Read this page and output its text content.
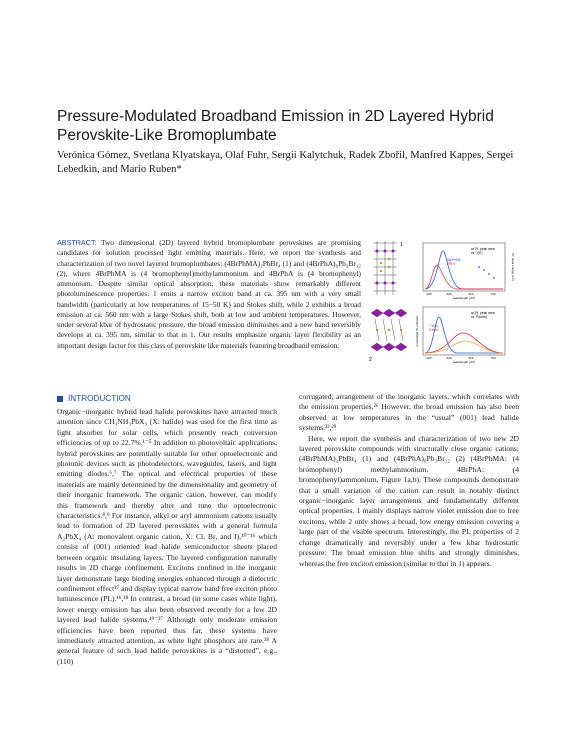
Pressure-Modulated Broadband Emission in 2D Layered Hybrid Perovskite-Like Bromoplumbate

Verónica Gómez, Svetlana Klyatskaya, Olaf Fuhr, Sergii Kalytchuk, Radek Zbořil, Manfred Kappes, Sergei Lebedkin, and Mario Ruben*

ABSTRACT: Two dimensional (2D) layered hybrid bromoplumbate perovskites are promising candidates for solution processed light emitting materials. Here, we report the synthesis and characterization of two novel layered bromoplumbates: (4BrPhMA)₂PbBr₄ (1) and (4BrPhA)₆Pb₃Br₁₂ (2), where 4BrPhMA is (4 bromophenyl)methylammonium and 4BrPhA is (4 bromophenyl) ammonium. Despite similar optical absorption, these materials show remarkably different photoluminescence properties: 1 emits a narrow exciton band at ca. 395 nm with a very small bandwidth (particularly at low temperatures of 15−50 K) and Stokes shift, while 2 exhibits a broad emission at ca. 560 nm with a large Stokes shift, both at low and ambient temperatures. However, under several kbar of hydrostatic pressure, the broad emission diminishes and a new band reversibly develops at ca. 395 nm, similar to that in 1. Our results emphasize organic layer flexibility as an important design factor for this class of perovskite like materials featuring broadband emission.

1
2
w/ PL peak area
vs. T(K)
4BrPhMA
295 K
400	500	600	700
wavelength (nm)
PL peak energy (eV)
w/ PL peak area
vs. P(kbar)
7 kbar
0 kbar
400	500	600	700
wavelength (nm)
normalized PL intensity
INTRODUCTION

Organic−inorganic hybrid lead halide perovskites have attracted much attention since CH₃NH₃PbX₃ (X: halide) was used for the first time as light absorber for solar cells, which presently reach conversion efficiencies of up to 22.7%.¹⁻⁵ In addition to photovoltaic applications, hybrid perovskites are potentially suitable for other optoelectronic and photonic devices such as photodetectors, waveguides, lasers, and light emitting diodes.⁶,⁷ The optical and electrical properties of these materials are mainly determined by the dimensionality and geometry of their inorganic framework. The organic cation, however, can modify this framework and thereby alter and tune the optoelectronic characteristics.⁸,⁹ For instance, alkyl or aryl ammonium cations usually lead to formation of 2D layered perovskites with a general formula A₂PbX₄ (A: monovalent organic cation, X: Cl, Br, and I),¹⁰⁻¹⁶ which consist of (001) oriented lead halide semiconductor sheets placed between organic insulating layers. The layered configuration naturally results in 2D charge confinement. Excitons confined in the inorganic layer demonstrate large binding energies enhanced through a dielectric confinement effect¹⁷ and display typical narrow band free exciton photo luminescence (PL).¹⁶,¹⁸ In contrast, a broad (in some cases white light), lower energy emission has also been observed recently for a few 2D layered lead halide systems.¹⁹⁻²⁷ Although only moderate emission efficiencies have been reported thus far, these systems have immediately attracted attention, as white light phosphors are rare.²⁸ A general feature of such lead halide perovskites is a “distorted”, e.g., (110)

corrugated, arrangement of the inorganic layers, which correlates with the emission properties.²⁶ However, the broad emission has also been observed at low temperatures in the “usual” (001) lead halide systems.²³,²⁹

Here, we report the synthesis and characterization of two new 2D layered perovskite compounds with structurally close organic cations: (4BrPhMA)₂PbBr₄ (1) and (4BrPhA)₆Pb₃Br₁₂ (2) (4BrPhMA: (4 bromophenyl) methylammonium, 4BrPhA: (4 bromophenyl)ammonium, Figure 1a,b). These compounds demonstrate that a small variation of the cation can result in notably distinct organic−inorganic layer arrangements and fundamentally different optical properties. 1 mainly displays narrow violet emission due to free excitons, while 2 only shows a broad, low energy emission covering a large part of the visible spectrum. Interestingly, the PL properties of 2 change dramatically and reversibly under a few kbar hydrostatic pressure: The broad emission blue shifts and strongly diminishes, whereas the free exciton emission (similar to that in 1) appears.
